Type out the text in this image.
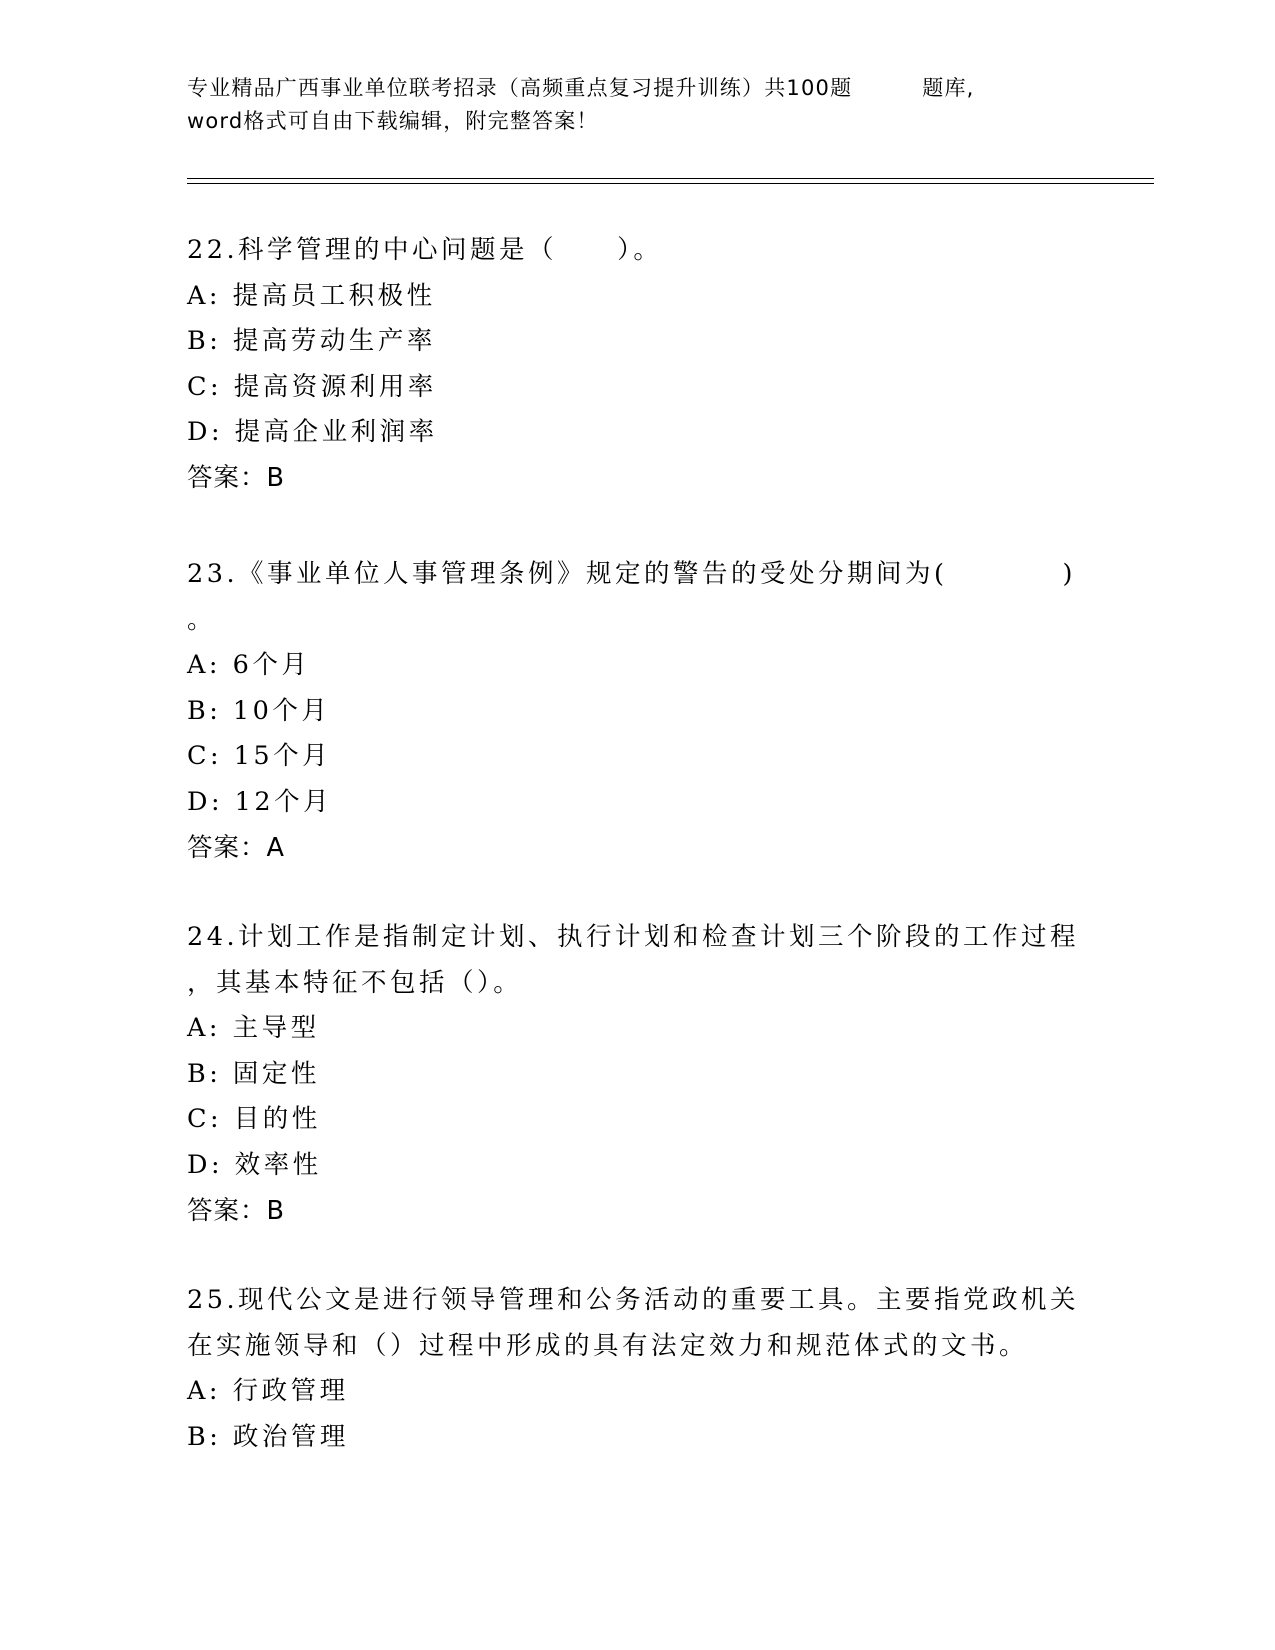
专业精品广西事业单位联考招录（高频重点复习提升训练）共100题	题库,
word格式可自由下载编辑，附完整答案！
22.科学管理的中心问题是（ ）。
A: 提高员工积极性
B: 提高劳动生产率
C: 提高资源利用率
D: 提高企业利润率
答案：B
23.《事业单位人事管理条例》规定的警告的受处分期间为(	)
。
A: 6个月
B: 10个月
C: 15个月
D: 12个月
答案：A
24.计划工作是指制定计划、执行计划和检查计划三个阶段的工作过程
，其基本特征不包括（）。
A: 主导型
B: 固定性
C: 目的性
D: 效率性
答案：B
25.现代公文是进行领导管理和公务活动的重要工具。主要指党政机关
在实施领导和（）过程中形成的具有法定效力和规范体式的文书。
A: 行政管理
B: 政治管理
